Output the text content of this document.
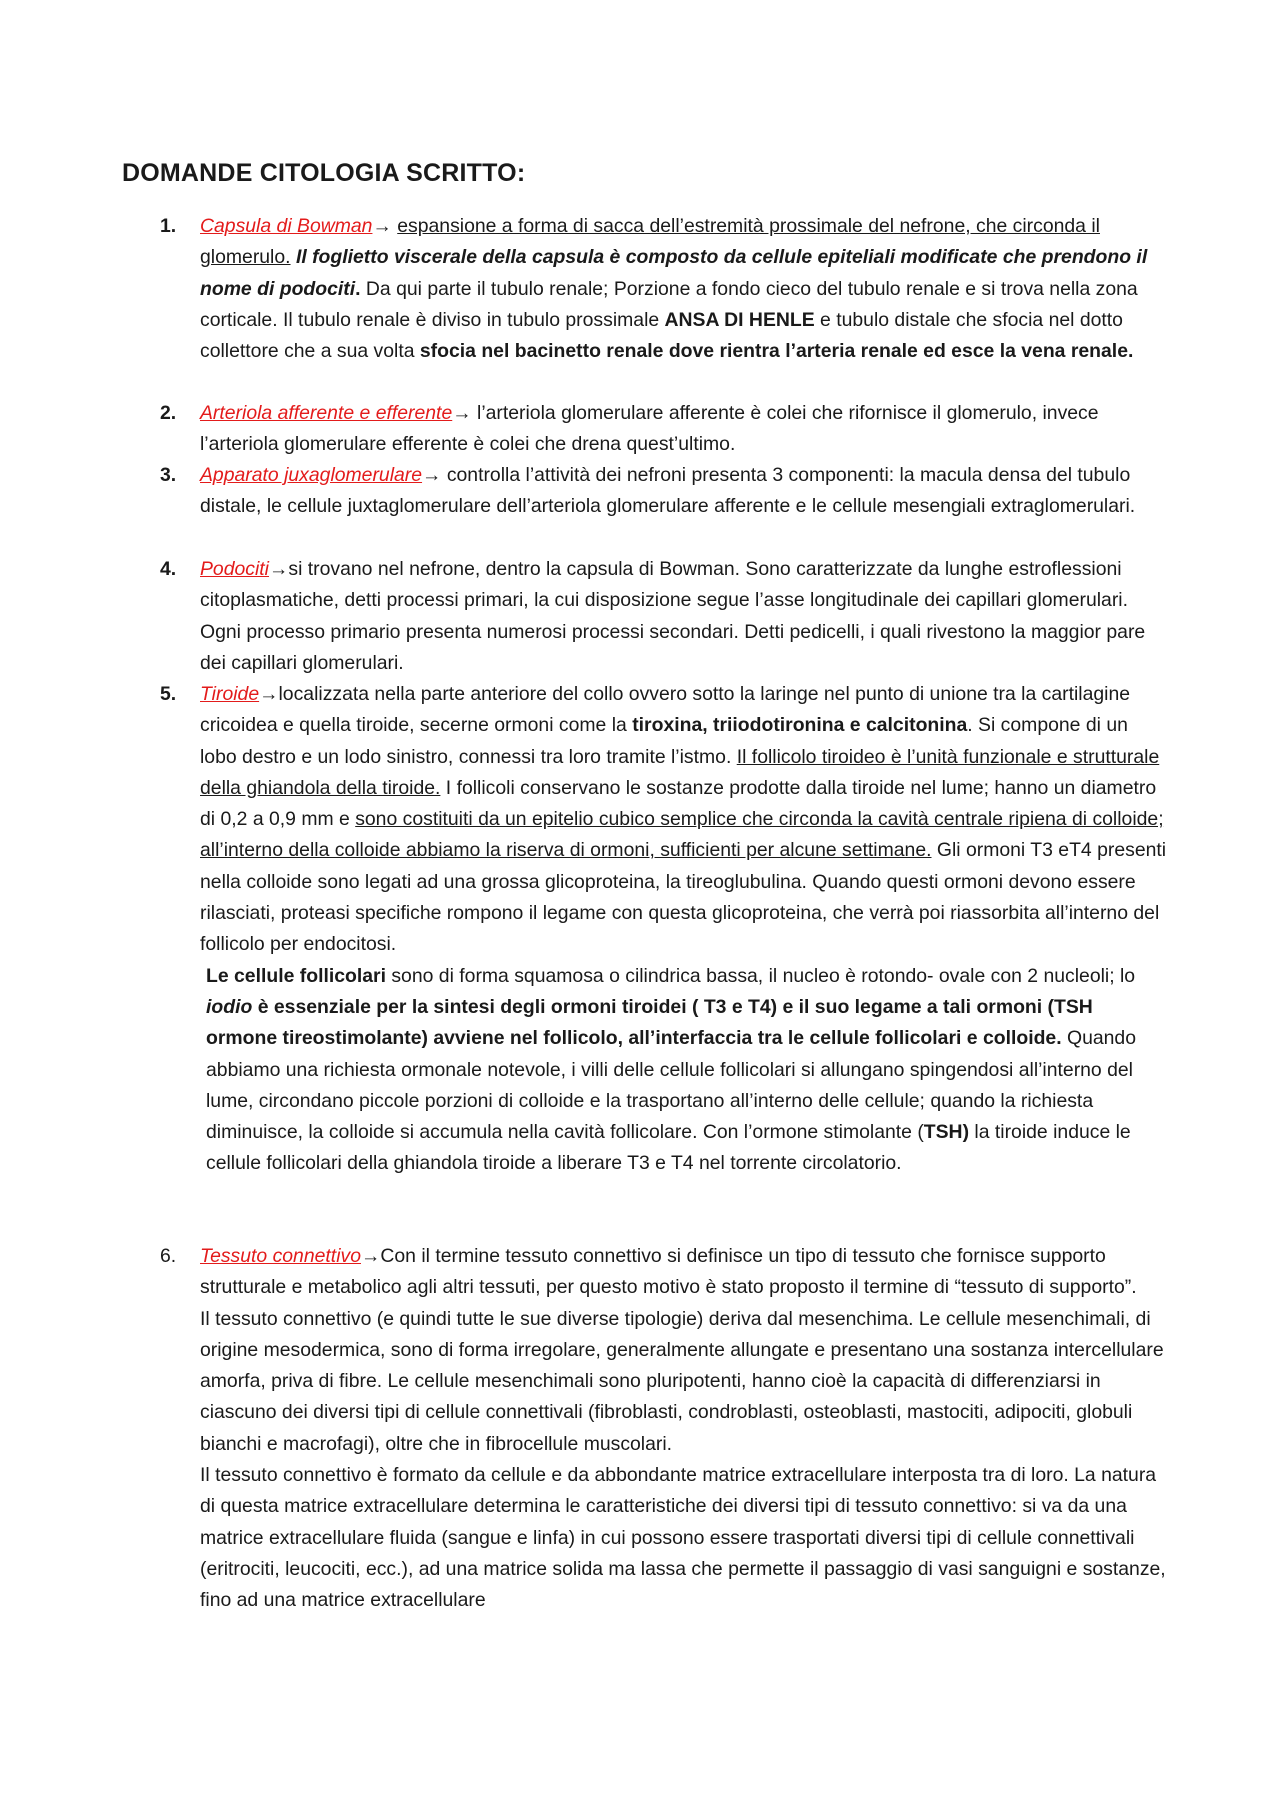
DOMANDE CITOLOGIA SCRITTO:
1.	Capsula di Bowman→ espansione a forma di sacca dell’estremità prossimale del nefrone, che circonda il glomerulo. Il foglietto viscerale della capsula è composto da cellule epiteliali modificate che prendono il nome di podociti. Da qui parte il tubulo renale; Porzione a fondo cieco del tubulo renale e si trova nella zona corticale. Il tubulo renale è diviso in tubulo prossimale ANSA DI HENLE e tubulo distale che sfocia nel dotto collettore che a sua volta sfocia nel bacinetto renale dove rientra l’arteria renale ed esce la vena renale.
2.	Arteriola afferente e efferente→ l’arteriola glomerulare afferente è colei che rifornisce il glomerulo, invece l’arteriola glomerulare efferente è colei che drena quest’ultimo.
3.	Apparato juxaglomerulare→ controlla l’attività dei nefroni presenta 3 componenti: la macula densa del tubulo distale, le cellule juxtaglomerulare dell’arteriola glomerulare afferente e le cellule mesengiali extraglomerulari.
4.	Podociti→si trovano nel nefrone, dentro la capsula di Bowman. Sono caratterizzate da lunghe estroflessioni citoplasmatiche, detti processi primari, la cui disposizione segue l’asse longitudinale dei capillari glomerulari. Ogni processo primario presenta numerosi processi secondari. Detti pedicelli, i quali rivestono la maggior pare dei capillari glomerulari.
5.	Tiroide→localizzata nella parte anteriore del collo ovvero sotto la laringe nel punto di unione tra la cartilagine cricoidea e quella tiroide, secerne ormoni come la tiroxina, triiodotironina e calcitonina. Si compone di un lobo destro e un lodo sinistro, connessi tra loro tramite l’istmo. Il follicolo tiroideo è l’unità funzionale e strutturale della ghiandola della tiroide. I follicoli conservano le sostanze prodotte dalla tiroide nel lume; hanno un diametro di 0,2 a 0,9 mm e sono costituiti da un epitelio cubico semplice che circonda la cavità centrale ripiena di colloide; all’interno della colloide abbiamo la riserva di ormoni, sufficienti per alcune settimane. Gli ormoni T3 eT4 presenti nella colloide sono legati ad una grossa glicoproteina, la tireoglubulina. Quando questi ormoni devono essere rilasciati, proteasi specifiche rompono il legame con questa glicoproteina, che verrà poi riassorbita all’interno del follicolo per endocitosi.
Le cellule follicolari sono di forma squamosa o cilindrica bassa, il nucleo è rotondo- ovale con 2 nucleoli; lo iodio è essenziale per la sintesi degli ormoni tiroidei ( T3 e T4) e il suo legame a tali ormoni (TSH ormone tireostimolante) avviene nel follicolo, all’interfaccia tra le cellule follicolari e colloide. Quando abbiamo una richiesta ormonale notevole, i villi delle cellule follicolari si allungano spingendosi all’interno del lume, circondano piccole porzioni di colloide e la trasportano all’interno delle cellule; quando la richiesta diminuisce, la colloide si accumula nella cavità follicolare. Con l’ormone stimolante (TSH) la tiroide induce le cellule follicolari della ghiandola tiroide a liberare T3 e T4 nel torrente circolatorio.
6.	Tessuto connettivo→Con il termine tessuto connettivo si definisce un tipo di tessuto che fornisce supporto strutturale e metabolico agli altri tessuti, per questo motivo è stato proposto il termine di “tessuto di supporto”.
Il tessuto connettivo (e quindi tutte le sue diverse tipologie) deriva dal mesenchima. Le cellule mesenchimali, di origine mesodermica, sono di forma irregolare, generalmente allungate e presentano una sostanza intercellulare amorfa, priva di fibre. Le cellule mesenchimali sono pluripotenti, hanno cioè la capacità di differenziarsi in ciascuno dei diversi tipi di cellule connettivali (fibroblasti, condroblasti, osteoblasti, mastociti, adipociti, globuli bianchi e macrofagi), oltre che in fibrocellule muscolari.
Il tessuto connettivo è formato da cellule e da abbondante matrice extracellulare interposta tra di loro. La natura di questa matrice extracellulare determina le caratteristiche dei diversi tipi di tessuto connettivo: si va da una matrice extracellulare fluida (sangue e linfa) in cui possono essere trasportati diversi tipi di cellule connettivali (eritrociti, leucociti, ecc.), ad una matrice solida ma lassa che permette il passaggio di vasi sanguigni e sostanze, fino ad una matrice extracellulare
